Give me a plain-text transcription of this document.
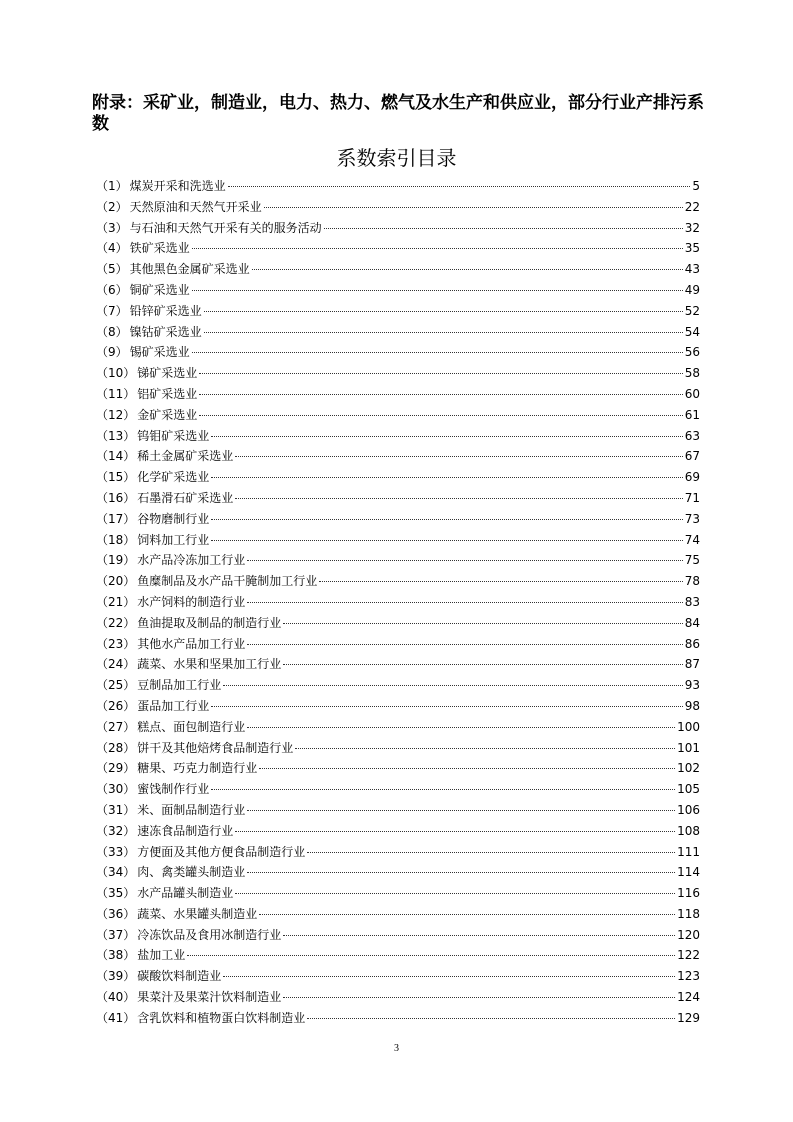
附录：采矿业，制造业，电力、热力、燃气及水生产和供应业，部分行业产排污系数
系数索引目录
（1） 煤炭开采和洗选业	5
（2） 天然原油和天然气开采业	22
（3） 与石油和天然气开采有关的服务活动	32
（4） 铁矿采选业	35
（5） 其他黑色金属矿采选业	43
（6） 铜矿采选业	49
（7） 铅锌矿采选业	52
（8） 镍钴矿采选业	54
（9） 锡矿采选业	56
（10） 锑矿采选业	58
（11） 铝矿采选业	60
（12） 金矿采选业	61
（13） 钨钼矿采选业	63
（14） 稀土金属矿采选业	67
（15） 化学矿采选业	69
（16） 石墨滑石矿采选业	71
（17） 谷物磨制行业	73
（18） 饲料加工行业	74
（19） 水产品冷冻加工行业	75
（20） 鱼糜制品及水产品干腌制加工行业	78
（21） 水产饲料的制造行业	83
（22） 鱼油提取及制品的制造行业	84
（23） 其他水产品加工行业	86
（24） 蔬菜、水果和坚果加工行业	87
（25） 豆制品加工行业	93
（26） 蛋品加工行业	98
（27） 糕点、面包制造行业	100
（28） 饼干及其他焙烤食品制造行业	101
（29） 糖果、巧克力制造行业	102
（30） 蜜饯制作行业	105
（31） 米、面制品制造行业	106
（32） 速冻食品制造行业	108
（33） 方便面及其他方便食品制造行业	111
（34） 肉、禽类罐头制造业	114
（35） 水产品罐头制造业	116
（36） 蔬菜、水果罐头制造业	118
（37） 冷冻饮品及食用冰制造行业	120
（38） 盐加工业	122
（39） 碳酸饮料制造业	123
（40） 果菜汁及果菜汁饮料制造业	124
（41） 含乳饮料和植物蛋白饮料制造业	129
3
